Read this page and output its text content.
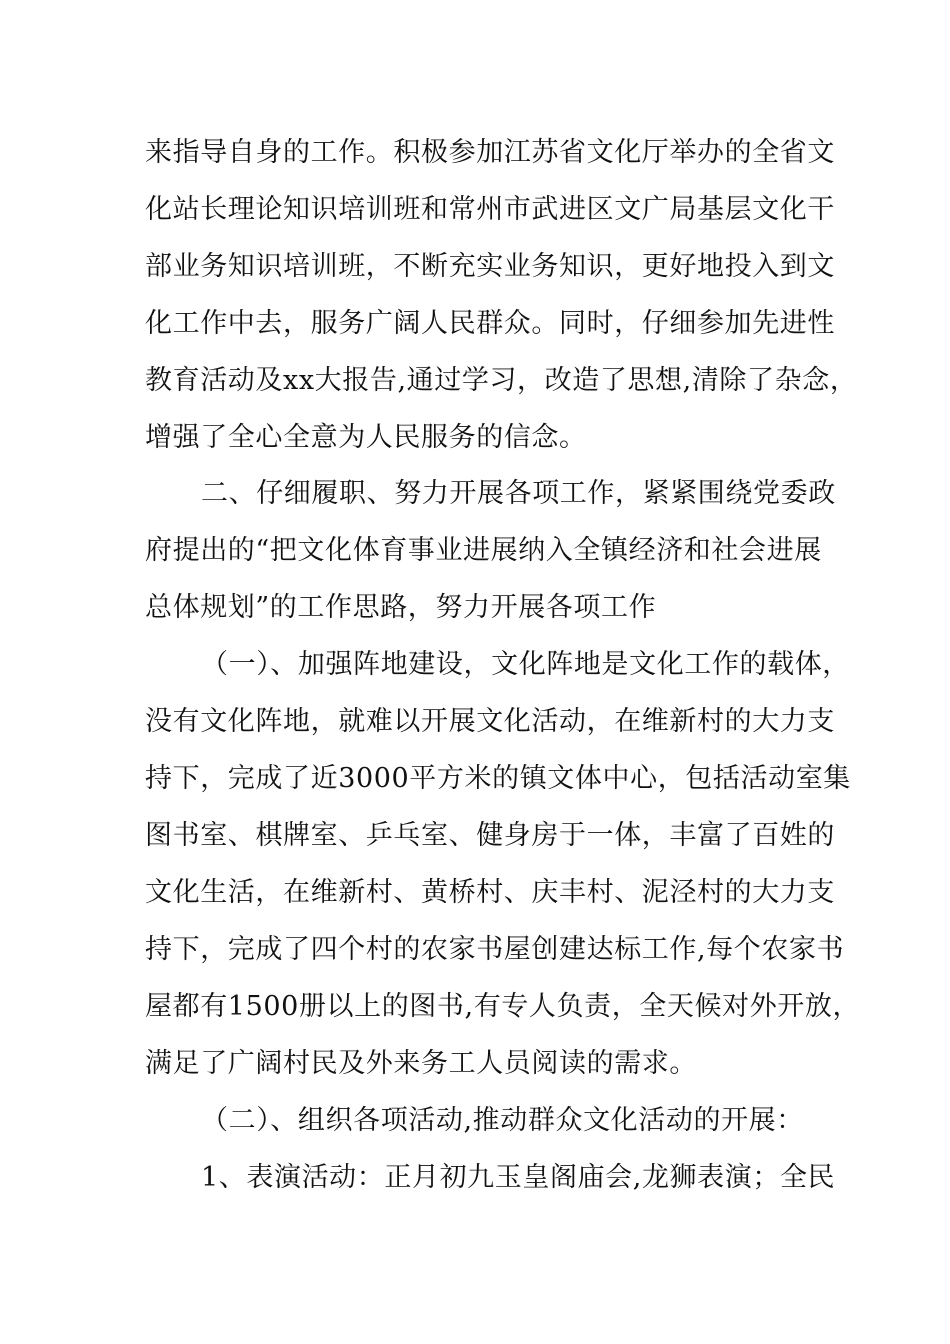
来指导自身的工作。积极参加江苏省文化厅举办的全省文
化站长理论知识培训班和常州市武进区文广局基层文化干
部业务知识培训班，不断充实业务知识，更好地投入到文
化工作中去，服务广阔人民群众。同时，仔细参加先进性
教育活动及xx大报告,通过学习，改造了思想,清除了杂念，
增强了全心全意为人民服务的信念。
二、仔细履职、努力开展各项工作，紧紧围绕党委政
府提出的“把文化体育事业进展纳入全镇经济和社会进展
总体规划”的工作思路，努力开展各项工作
（一）、加强阵地建设，文化阵地是文化工作的载体，
没有文化阵地，就难以开展文化活动，在维新村的大力支
持下，完成了近3000平方米的镇文体中心，包括活动室集
图书室、棋牌室、乒乓室、健身房于一体，丰富了百姓的
文化生活，在维新村、黄桥村、庆丰村、泥泾村的大力支
持下，完成了四个村的农家书屋创建达标工作,每个农家书
屋都有1500册以上的图书,有专人负责，全天候对外开放，
满足了广阔村民及外来务工人员阅读的需求。
（二）、组织各项活动,推动群众文化活动的开展：
1、表演活动：正月初九玉皇阁庙会,龙狮表演；全民
